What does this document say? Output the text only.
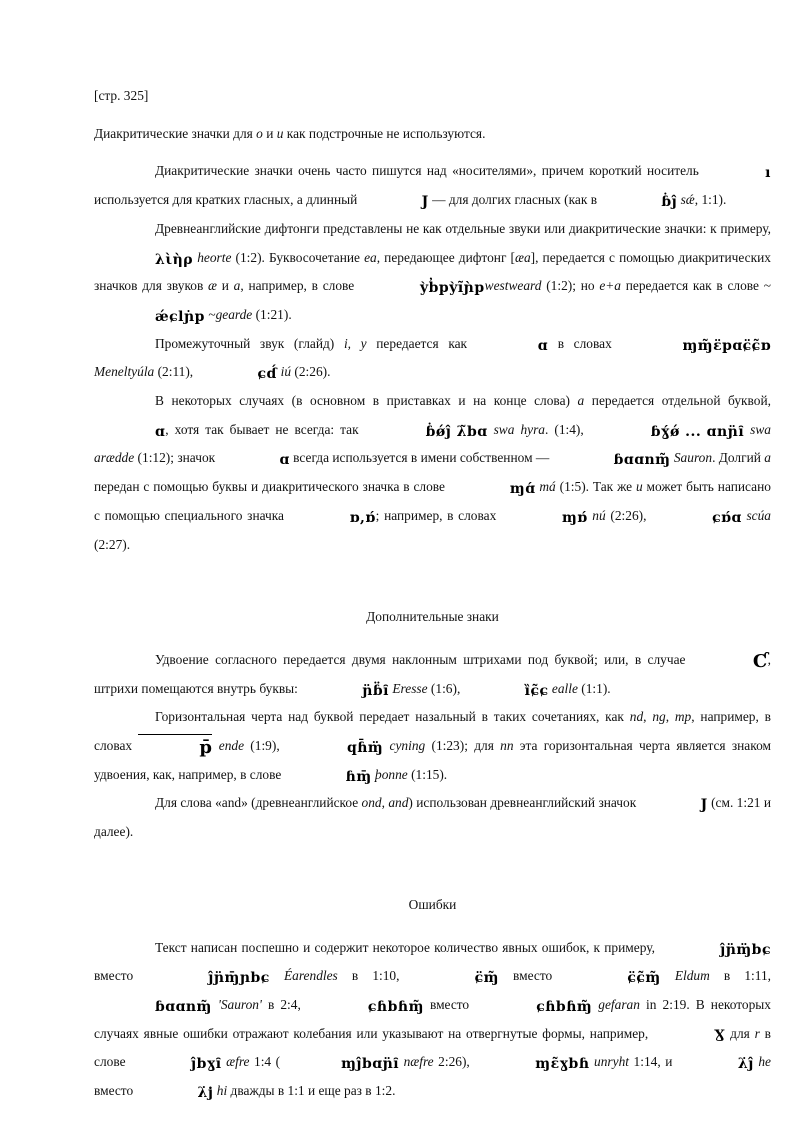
[стр. 325]

Диакритические значки для о и u как подстрочные не используются.

Диакритические значки очень часто пишутся над «носителями», причем короткий носитель	ı используется для кратких гласных, а длинный	J — для долгих гласных (как в	ɓ̇ĵ sǽ, 1:1).

Древнеанглийские дифтонги представлены не как отдельные звуки или диакритические значки: к примеру, λὶὴρ heorte (1:2). Буквосочетание ea, передающее дифтонг [æa], передается с помощью диакритических значков для звуков æ и a, например, в слове	ỳb̓pỳĩɲ̀pwestweard (1:2); но e+a передается как в слове ~ǽɕlɲ̇p ~gearde (1:21).

Промежуточный звук (глайд) i, y передается как	ɑ в словах	ɱɱ̃ɛ̈pɑɕ̈ɕ̃ɒ Meneltyúla (2:11),	ɕɗ́ iú (2:26).

В некоторых случаях (в основном в приставках и на конце слова) a передается отдельной буквой, ɑ, хотя так бывает не всегда: так	ɓ̇ǿĵ λ̃bɑ swa hyra. (1:4),	ɓɣ́ǿ ... ɑnɲ̈ȋ swa arædde (1:12); значок	ɑ всегда используется в имени собственном —	ɓɑɑnɱ̃ Sauron. Долгий a передан с помощью буквы и диакритического значка в слове	ɱɑ́ má (1:5). Так же u может быть написано с помощью специального значка	ɒ,ɒ́; например, в словах	ɱɒ́ nú (2:26),	ɕɒ́ɑ scúa (2:27).

Дополнительные знаки

Удвоение согласного передается двумя наклонным штрихами под буквой; или, в случае	Ƈ, штрихи помещаются внутрь буквы:	ɲ̈ɓ̈ȋ Eresse (1:6),	ȉɕ̃ɕ ealle (1:1).

Горизонтальная черта над буквой передает назальный в таких сочетаниях, как nd, ng, mp, например, в словах	p̄ ende (1:9),	qɦ̄ɱ̈ cyning (1:23); для nn эта горизонтальная черта является знаком удвоения, как, например, в слове	ɦɱ̄ þonne (1:15).

Для слова «and» (древнеанглийское ond, and) использован древнеанглийский значок	J (см. 1:21 и далее).

Ошибки

Текст написан поспешно и содержит некоторое количество явных ошибок, к примеру,	ĵɲ̈ɱ̈bɕ вместо	ĵɲ̈ɱ̄ɲbɕ Éarendles в 1:10,	ɕ̈ɱ̃ вместо	ɕ̈ɕ̃ɱ̃ Eldum в 1:11, ɓɑɑnɱ̃ 'Sauron' в 2:4,	ɕɦbɦɱ̃ вместо	ɕɦbɦɱ̃ gefaran in 2:19. В некоторых случаях явные ошибки отражают колебания или указывают на отвергнутые формы, например,	Ɣ для r в слове	ĵbɣȋ æfre 1:4 (	ɱĵbɑɲ̈ȋ næfre 2:26),	ɱɛ̃ɣbɦ unryht 1:14, и	λ̇ĵ he вместо	λ̇j hi дважды в 1:1 и еще раз в 1:2.
